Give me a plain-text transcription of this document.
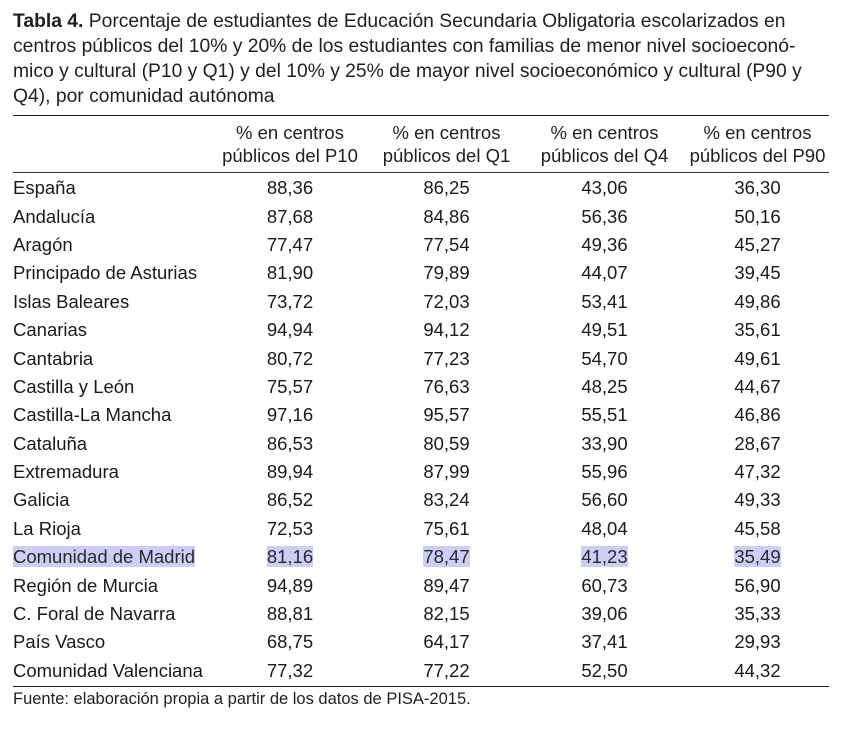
Tabla 4. Porcentaje de estudiantes de Educación Secundaria Obligatoria escolarizados en centros públicos del 10% y 20% de los estudiantes con familias de menor nivel socioeconó-mico y cultural (P10 y Q1) y del 10% y 25% de mayor nivel socioeconómico y cultural (P90 y Q4), por comunidad autónoma
% en centros
públicos del P10
% en centros
públicos del Q1
% en centros
públicos del Q4
% en centros
públicos del P90
España	88,36	86,25	43,06	36,30
Andalucía	87,68	84,86	56,36	50,16
Aragón	77,47	77,54	49,36	45,27
Principado de Asturias	81,90	79,89	44,07	39,45
Islas Baleares	73,72	72,03	53,41	49,86
Canarias	94,94	94,12	49,51	35,61
Cantabria	80,72	77,23	54,70	49,61
Castilla y León	75,57	76,63	48,25	44,67
Castilla-La Mancha	97,16	95,57	55,51	46,86
Cataluña	86,53	80,59	33,90	28,67
Extremadura	89,94	87,99	55,96	47,32
Galicia	86,52	83,24	56,60	49,33
La Rioja	72,53	75,61	48,04	45,58
Comunidad de Madrid	81,16	78,47	41,23	35,49
Región de Murcia	94,89	89,47	60,73	56,90
C. Foral de Navarra	88,81	82,15	39,06	35,33
País Vasco	68,75	64,17	37,41	29,93
Comunidad Valenciana	77,32	77,22	52,50	44,32
Fuente: elaboración propia a partir de los datos de PISA-2015.
